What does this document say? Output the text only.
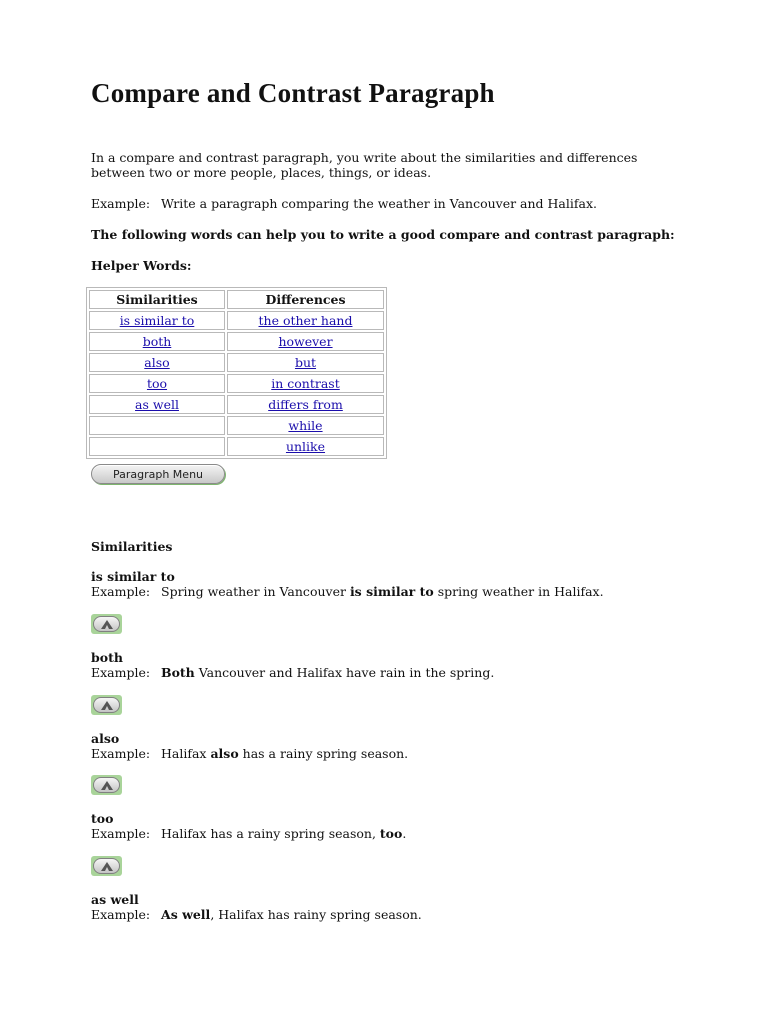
Compare and Contrast Paragraph

In a compare and contrast paragraph, you write about the similarities and differences between two or more people, places, things, or ideas.

Example: Write a paragraph comparing the weather in Vancouver and Halifax.

The following words can help you to write a good compare and contrast paragraph:

Helper Words:

Similarities	Differences
is similar to	the other hand
both	however
also	but
too	in contrast
as well	differs from
	while
	unlike
Paragraph Menu

Similarities

is similar to
Example: Spring weather in Vancouver is similar to spring weather in Halifax.
both
Example: Both Vancouver and Halifax have rain in the spring.
also
Example: Halifax also has a rainy spring season.
too
Example: Halifax has a rainy spring season, too.
as well
Example: As well, Halifax has rainy spring season.
